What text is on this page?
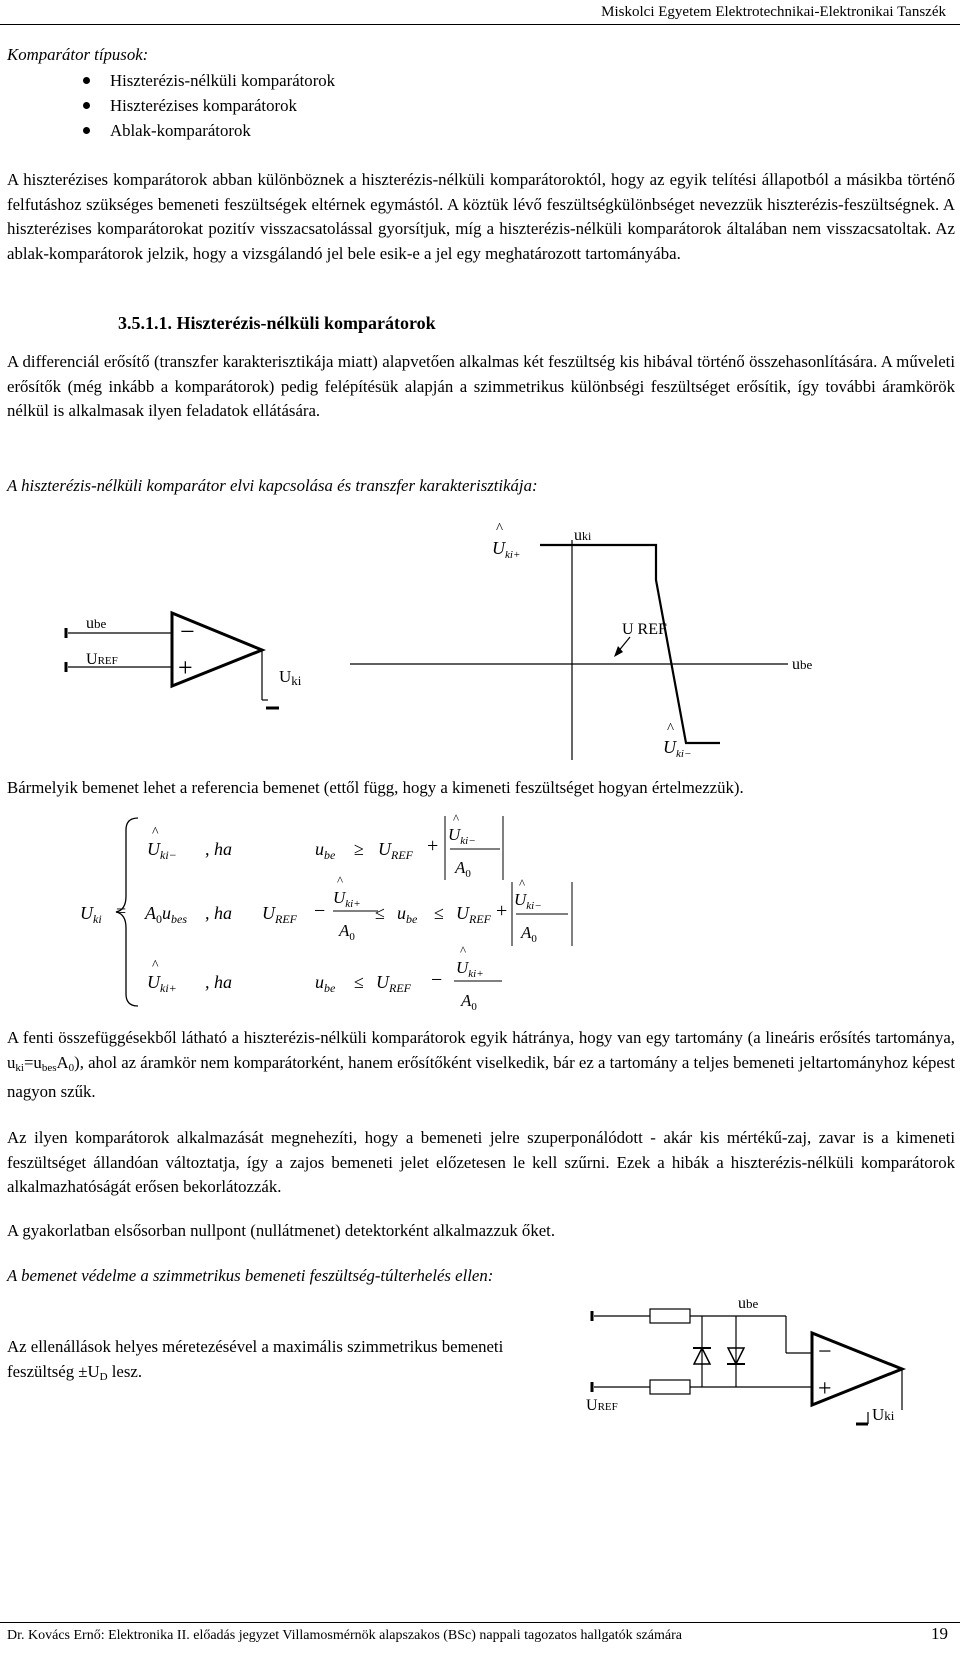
Miskolci Egyetem Elektrotechnikai-Elektronikai Tanszék
Komparátor típusok:
Hiszterézis-nélküli komparátorok
Hiszterézises komparátorok
Ablak-komparátorok

A hiszterézises komparátorok abban különböznek a hiszterézis-nélküli komparátoroktól, hogy az egyik telítési állapotból a másikba történő felfutáshoz szükséges bemeneti feszültségek eltérnek egymástól. A köztük lévő feszültségkülönbséget nevezzük hiszterézis-feszültségnek. A hiszterézises komparátorokat pozitív visszacsatolással gyorsítjuk, míg a hiszterézis-nélküli komparátorok általában nem visszacsatoltak. Az ablak-komparátorok jelzik, hogy a vizsgálandó jel bele esik-e a jel egy meghatározott tartományába.

3.5.1.1. Hiszterézis-nélküli komparátorok

A differenciál erősítő (transzfer karakterisztikája miatt) alapvetően alkalmas két feszültség kis hibával történő összehasonlítására. A műveleti erősítők (még inkább a komparátorok) pedig felépítésük alapján a szimmetrikus különbségi feszültséget erősítik, így további áramkörök nélkül is alkalmasak ilyen feladatok ellátására.

A hiszterézis-nélküli komparátor elvi kapcsolása és transzfer karakterisztikája:
−
+
ube
UREF
Uki
uki
ube
U REF
^
$U_{ki+}$
^
$U_{ki-}$
Bármelyik bemenet lehet a referencia bemenet (ettől függ, hogy a kimeneti feszültséget hogyan értelmezzük).
$U_{ki}$ =
^
$U_{ki-}$ , ha	$u_{be} \ge U_{REF}$ +
^
$U_{ki-}$
$A_0$
$A_0u_{bes}$ , ha $U_{REF}$ −
^
$U_{ki+}$
$A_0$
≤ $u_{be} \le U_{REF}$ +
^
$U_{ki-}$
$A_0$
^
$U_{ki+}$ , ha	$u_{be} \le U_{REF}$ −
^
$U_{ki+}$
$A_0$

A fenti összefüggésekből látható a hiszterézis-nélküli komparátorok egyik hátránya, hogy van egy tartomány (a lineáris erősítés tartománya, $u_{ki}=u_{bes}A_0$), ahol az áramkör nem komparátorként, hanem erősítőként viselkedik, bár ez a tartomány a teljes bemeneti jeltartományhoz képest nagyon szűk.

Az ilyen komparátorok alkalmazását megnehezíti, hogy a bemeneti jelre szuperponálódott - akár kis mértékű-zaj, zavar is a kimeneti feszültséget állandóan változtatja, így a zajos bemeneti jelet előzetesen le kell szűrni. Ezek a hibák a hiszterézis-nélküli komparátorok alkalmazhatóságát erősen bekorlátozzák.

A gyakorlatban elsősorban nullpont (nullátmenet) detektorként alkalmazzuk őket.

A bemenet védelme a szimmetrikus bemeneti feszültség-túlterhelés ellen:

Az ellenállások helyes méretezésével a maximális szimmetrikus bemeneti feszültség $\pm U_D$ lesz.

−
+
ube
UREF	Uki
Dr. Kovács Ernő: Elektronika II. előadás jegyzet Villamosmérnök alapszakos (BSc) nappali tagozatos hallgatók számára	19
